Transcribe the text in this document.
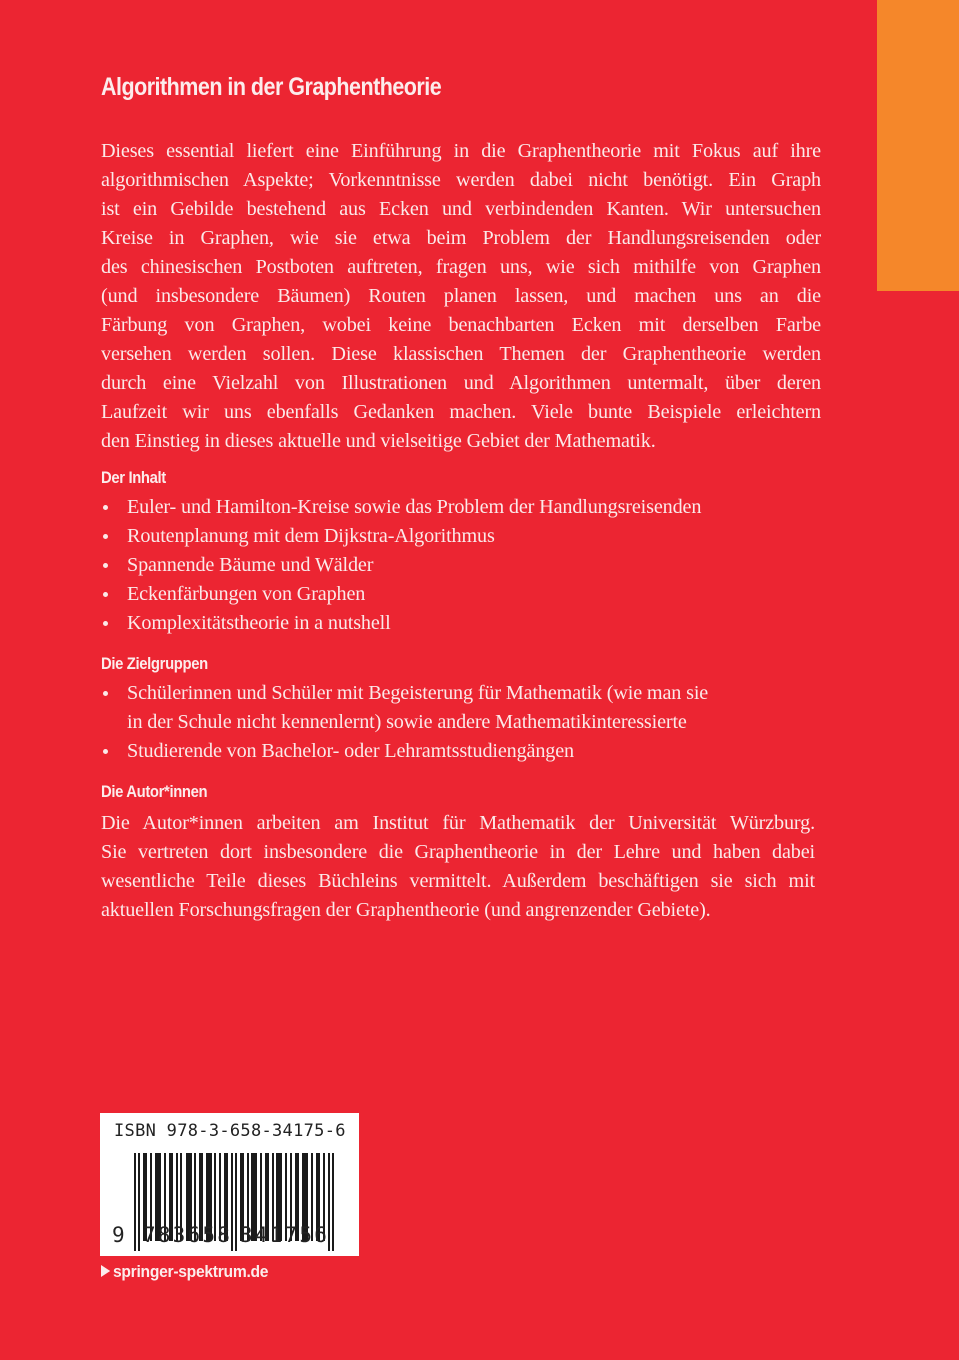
Algorithmen in der Graphentheorie
Dieses essential liefert eine Einführung in die Graphentheorie mit Fokus auf ihre
algorithmischen Aspekte; Vorkenntnisse werden dabei nicht benötigt. Ein Graph
ist ein Gebilde bestehend aus Ecken und verbindenden Kanten. Wir untersuchen
Kreise in Graphen, wie sie etwa beim Problem der Handlungsreisenden oder
des chinesischen Postboten auftreten, fragen uns, wie sich mithilfe von Graphen
(und insbesondere Bäumen) Routen planen lassen, und machen uns an die
Färbung von Graphen, wobei keine benachbarten Ecken mit derselben Farbe
versehen werden sollen. Diese klassischen Themen der Graphentheorie werden
durch eine Vielzahl von Illustrationen und Algorithmen untermalt, über deren
Laufzeit wir uns ebenfalls Gedanken machen. Viele bunte Beispiele erleichtern
den Einstieg in dieses aktuelle und vielseitige Gebiet der Mathematik.
Der Inhalt
Euler- und Hamilton-Kreise sowie das Problem der Handlungsreisenden
Routenplanung mit dem Dijkstra-Algorithmus
Spannende Bäume und Wälder
Eckenfärbungen von Graphen
Komplexitätstheorie in a nutshell
Die Zielgruppen
Schülerinnen und Schüler mit Begeisterung für Mathematik (wie man sie
in der Schule nicht kennenlernt) sowie andere Mathematikinteressierte
Studierende von Bachelor- oder Lehramtsstudiengängen
Die Autor*innen
Die Autor*innen arbeiten am Institut für Mathematik der Universität Würzburg.
Sie vertreten dort insbesondere die Graphentheorie in der Lehre und haben dabei
wesentliche Teile dieses Büchleins vermittelt. Außerdem beschäftigen sie sich mit
aktuellen Forschungsfragen der Graphentheorie (und angrenzender Gebiete).
ISBN 978-3-658-34175-6
9 783658 341756
springer-spektrum.de
